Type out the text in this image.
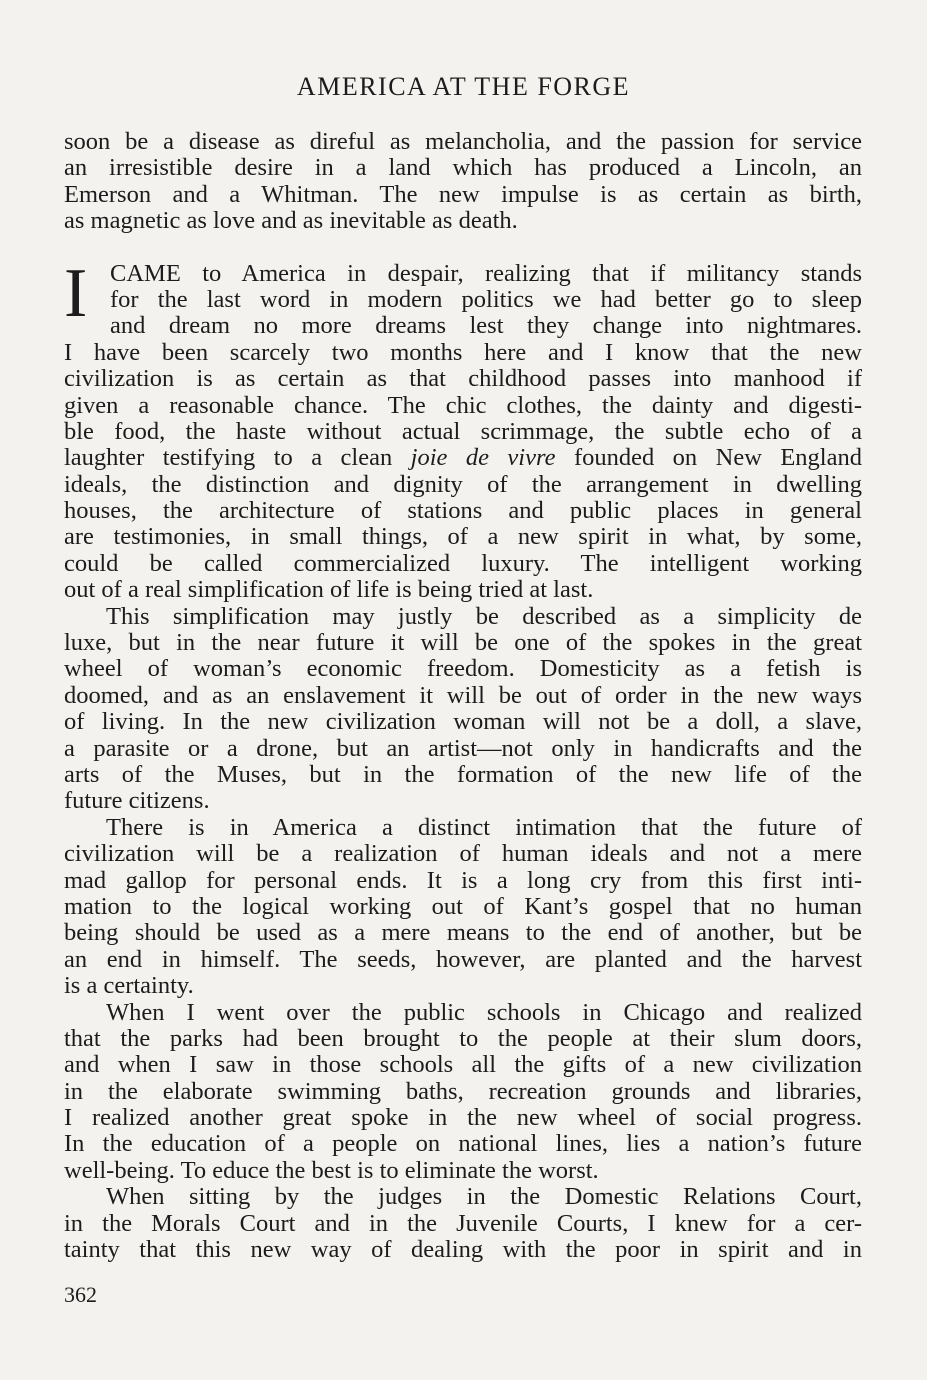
AMERICA AT THE FORGE
soon be a disease as direful as melancholia, and the passion for service
an irresistible desire in a land which has produced a Lincoln, an
Emerson and a Whitman. The new impulse is as certain as birth,
as magnetic as love and as inevitable as death.
I CAME to America in despair, realizing that if militancy stands
for the last word in modern politics we had better go to sleep
and dream no more dreams lest they change into nightmares.
I have been scarcely two months here and I know that the new
civilization is as certain as that childhood passes into manhood if
given a reasonable chance. The chic clothes, the dainty and digesti-
ble food, the haste without actual scrimmage, the subtle echo of a
laughter testifying to a clean joie de vivre founded on New England
ideals, the distinction and dignity of the arrangement in dwelling
houses, the architecture of stations and public places in general
are testimonies, in small things, of a new spirit in what, by some,
could be called commercialized luxury. The intelligent working
out of a real simplification of life is being tried at last.
This simplification may justly be described as a simplicity de
luxe, but in the near future it will be one of the spokes in the great
wheel of woman’s economic freedom. Domesticity as a fetish is
doomed, and as an enslavement it will be out of order in the new ways
of living. In the new civilization woman will not be a doll, a slave,
a parasite or a drone, but an artist—not only in handicrafts and the
arts of the Muses, but in the formation of the new life of the
future citizens.
There is in America a distinct intimation that the future of
civilization will be a realization of human ideals and not a mere
mad gallop for personal ends. It is a long cry from this first inti-
mation to the logical working out of Kant’s gospel that no human
being should be used as a mere means to the end of another, but be
an end in himself. The seeds, however, are planted and the harvest
is a certainty.
When I went over the public schools in Chicago and realized
that the parks had been brought to the people at their slum doors,
and when I saw in those schools all the gifts of a new civilization
in the elaborate swimming baths, recreation grounds and libraries,
I realized another great spoke in the new wheel of social progress.
In the education of a people on national lines, lies a nation’s future
well-being. To educe the best is to eliminate the worst.
When sitting by the judges in the Domestic Relations Court,
in the Morals Court and in the Juvenile Courts, I knew for a cer-
tainty that this new way of dealing with the poor in spirit and in
362
